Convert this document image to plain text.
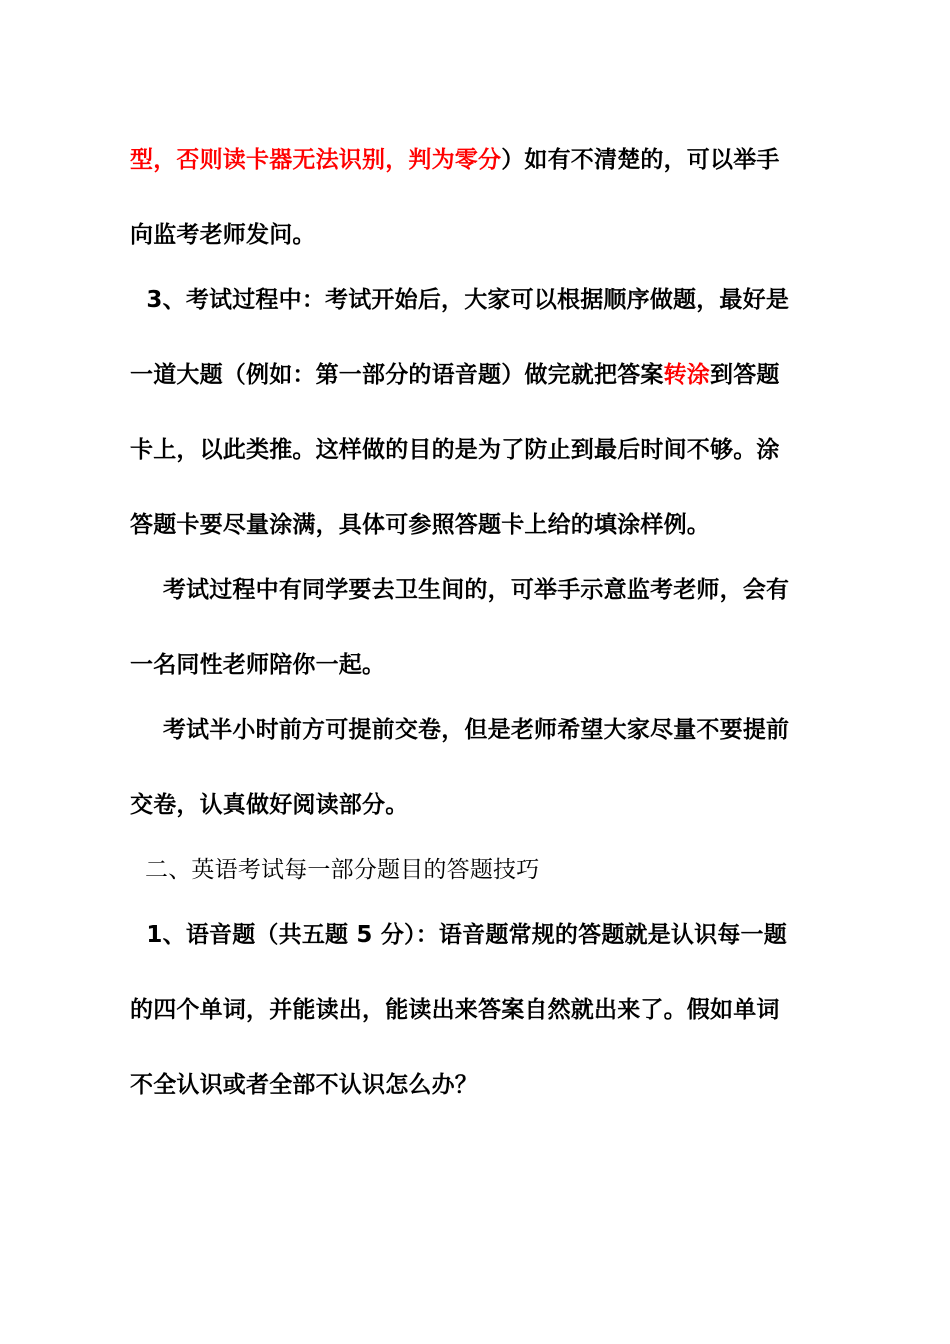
型，否则读卡器无法识别，判为零分）如有不清楚的，可以举手
向监考老师发问。
3、考试过程中：考试开始后，大家可以根据顺序做题，最好是
一道大题（例如：第一部分的语音题）做完就把答案转涂到答题
卡上，以此类推。这样做的目的是为了防止到最后时间不够。涂
答题卡要尽量涂满，具体可参照答题卡上给的填涂样例。
考试过程中有同学要去卫生间的，可举手示意监考老师，会有
一名同性老师陪你一起。
考试半小时前方可提前交卷，但是老师希望大家尽量不要提前
交卷，认真做好阅读部分。
二、英语考试每一部分题目的答题技巧
1、语音题（共五题 5 分）：语音题常规的答题就是认识每一题
的四个单词，并能读出，能读出来答案自然就出来了。假如单词
不全认识或者全部不认识怎么办？
